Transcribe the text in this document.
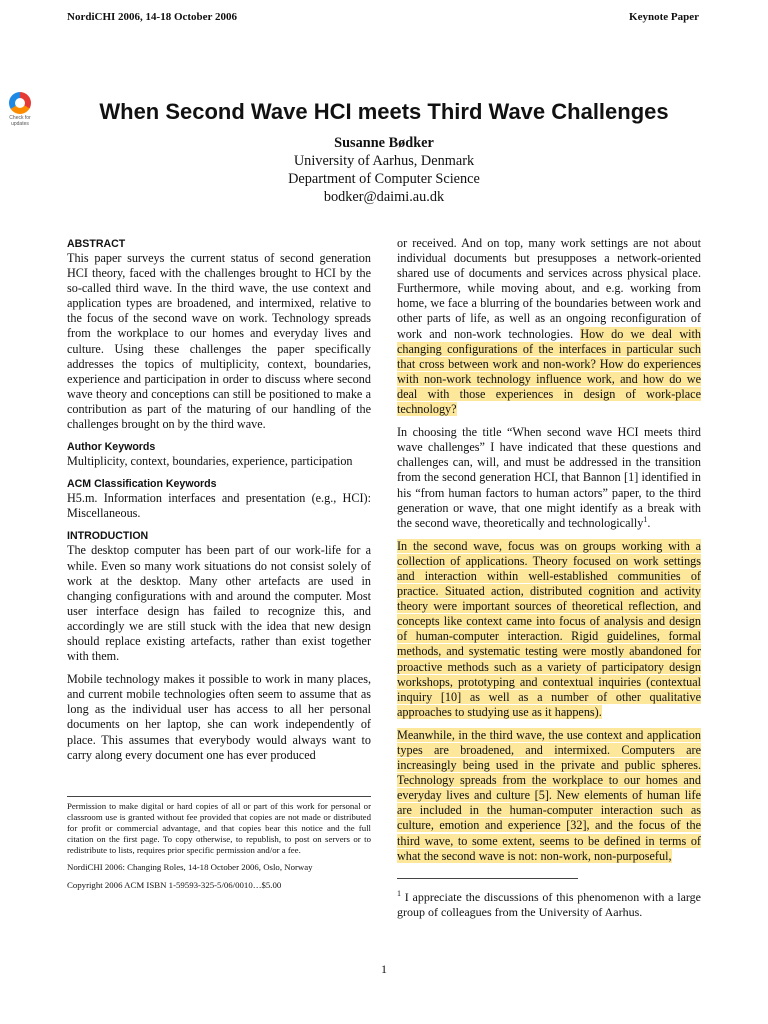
NordiCHI 2006, 14-18 October 2006	Keynote Paper
Check for
updates	When Second Wave HCI meets Third Wave Challenges
Susanne Bødker
University of Aarhus, Denmark
Department of Computer Science
bodker@daimi.au.dk
ABSTRACT

This paper surveys the current status of second generation HCI theory, faced with the challenges brought to HCI by the so-called third wave. In the third wave, the use context and application types are broadened, and intermixed, relative to the focus of the second wave on work. Technology spreads from the workplace to our homes and everyday lives and culture. Using these challenges the paper specifically addresses the topics of multiplicity, context, boundaries, experience and participation in order to discuss where second wave theory and conceptions can still be positioned to make a contribution as part of the maturing of our handling of the challenges brought on by the third wave.

Author Keywords

Multiplicity, context, boundaries, experience, participation

ACM Classification Keywords

H5.m. Information interfaces and presentation (e.g., HCI): Miscellaneous.

INTRODUCTION

The desktop computer has been part of our work-life for a while. Even so many work situations do not consist solely of work at the desktop. Many other artefacts are used in changing configurations with and around the computer. Most user interface design has failed to recognize this, and accordingly we are still stuck with the idea that new design should replace existing artefacts, rather than exist together with them.

Mobile technology makes it possible to work in many places, and current mobile technologies often seem to assume that as long as the individual user has access to all her personal documents on her laptop, she can work independently of place. This assumes that everybody would always want to carry along every document one has ever produced

Permission to make digital or hard copies of all or part of this work for personal or classroom use is granted without fee provided that copies are not made or distributed for profit or commercial advantage, and that copies bear this notice and the full citation on the first page. To copy otherwise, to republish, to post on servers or to redistribute to lists, requires prior specific permission and/or a fee.

NordiCHI 2006: Changing Roles, 14-18 October 2006, Oslo, Norway

Copyright 2006 ACM ISBN 1-59593-325-5/06/0010…$5.00

or received. And on top, many work settings are not about individual documents but presupposes a network-oriented shared use of documents and services across physical place. Furthermore, while moving about, and e.g. working from home, we face a blurring of the boundaries between work and other parts of life, as well as an ongoing reconfiguration of work and non-work technologies. How do we deal with changing configurations of the interfaces in particular such that cross between work and non-work? How do experiences with non-work technology influence work, and how do we deal with those experiences in design of work-place technology?

In choosing the title “When second wave HCI meets third wave challenges” I have indicated that these questions and challenges can, will, and must be addressed in the transition from the second generation HCI, that Bannon [1] identified in his “from human factors to human actors” paper, to the third generation or wave, that one might identify as a break with the second wave, theoretically and technologically$^1$.

In the second wave, focus was on groups working with a collection of applications. Theory focused on work settings and interaction within well-established communities of practice. Situated action, distributed cognition and activity theory were important sources of theoretical reflection, and concepts like context came into focus of analysis and design of human-computer interaction. Rigid guidelines, formal methods, and systematic testing were mostly abandoned for proactive methods such as a variety of participatory design workshops, prototyping and contextual inquiries (contextual inquiry [10] as well as a number of other qualitative approaches to studying use as it happens).

Meanwhile, in the third wave, the use context and application types are broadened, and intermixed. Computers are increasingly being used in the private and public spheres. Technology spreads from the workplace to our homes and everyday lives and culture [5]. New elements of human life are included in the human-computer interaction such as culture, emotion and experience [32], and the focus of the third wave, to some extent, seems to be defined in terms of what the second wave is not: non-work, non-purposeful,

$^1$ I appreciate the discussions of this phenomenon with a large group of colleagues from the University of Aarhus.
1
